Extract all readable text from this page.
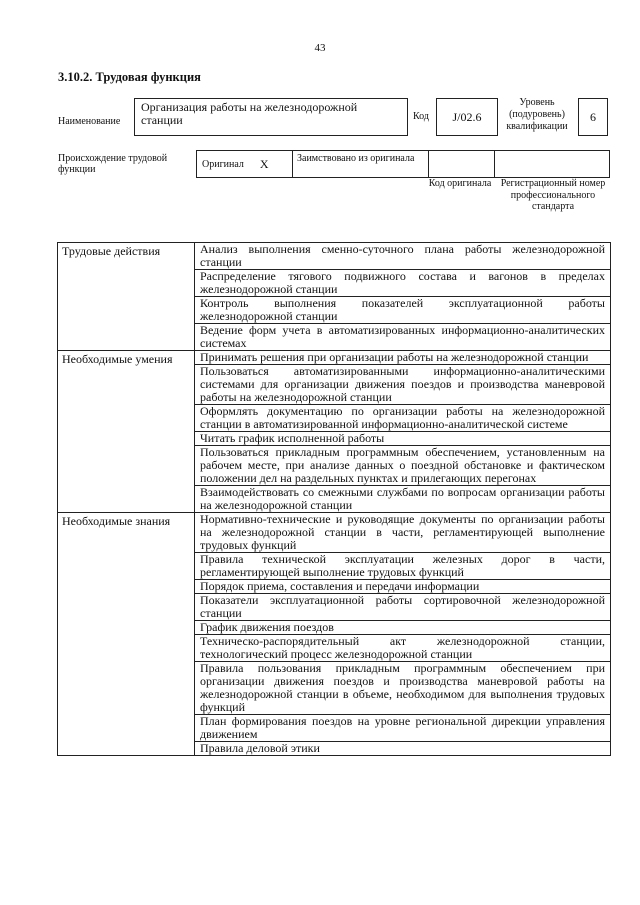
43
3.10.2. Трудовая функция
Наименование
Организация работы на железнодорожной станции	Код	J/02.6
Уровень (подуровень) квалификации
6
Происхождение трудовой функции	Оригинал X	Заимствовано из оригинала
Код оригинала Регистрационный номер профессионального стандарта
Трудовые действия	Анализ выполнения сменно-суточного плана работы железнодорожной станции
	Распределение тягового подвижного состава и вагонов в пределах железнодорожной станции
	Контроль выполнения показателей эксплуатационной работы железнодорожной станции
	Ведение форм учета в автоматизированных информационно-аналитических системах
Необходимые умения	Принимать решения при организации работы на железнодорожной станции
	Пользоваться автоматизированными информационно-аналитическими системами для организации движения поездов и производства маневровой работы на железнодорожной станции
	Оформлять документацию по организации работы на железнодорожной станции в автоматизированной информационно-аналитической системе
	Читать график исполненной работы
	Пользоваться прикладным программным обеспечением, установленным на рабочем месте, при анализе данных о поездной обстановке и фактическом положении дел на раздельных пунктах и прилегающих перегонах
	Взаимодействовать со смежными службами по вопросам организации работы на железнодорожной станции
Необходимые знания	Нормативно-технические и руководящие документы по организации работы на железнодорожной станции в части, регламентирующей выполнение трудовых функций
	Правила технической эксплуатации железных дорог в части, регламентирующей выполнение трудовых функций
	Порядок приема, составления и передачи информации
	Показатели эксплуатационной работы сортировочной железнодорожной станции
	График движения поездов
	Техническо-распорядительный акт железнодорожной станции, технологический процесс железнодорожной станции
	Правила пользования прикладным программным обеспечением при организации движения поездов и производства маневровой работы на железнодорожной станции в объеме, необходимом для выполнения трудовых функций
	План формирования поездов на уровне региональной дирекции управления движением
	Правила деловой этики
